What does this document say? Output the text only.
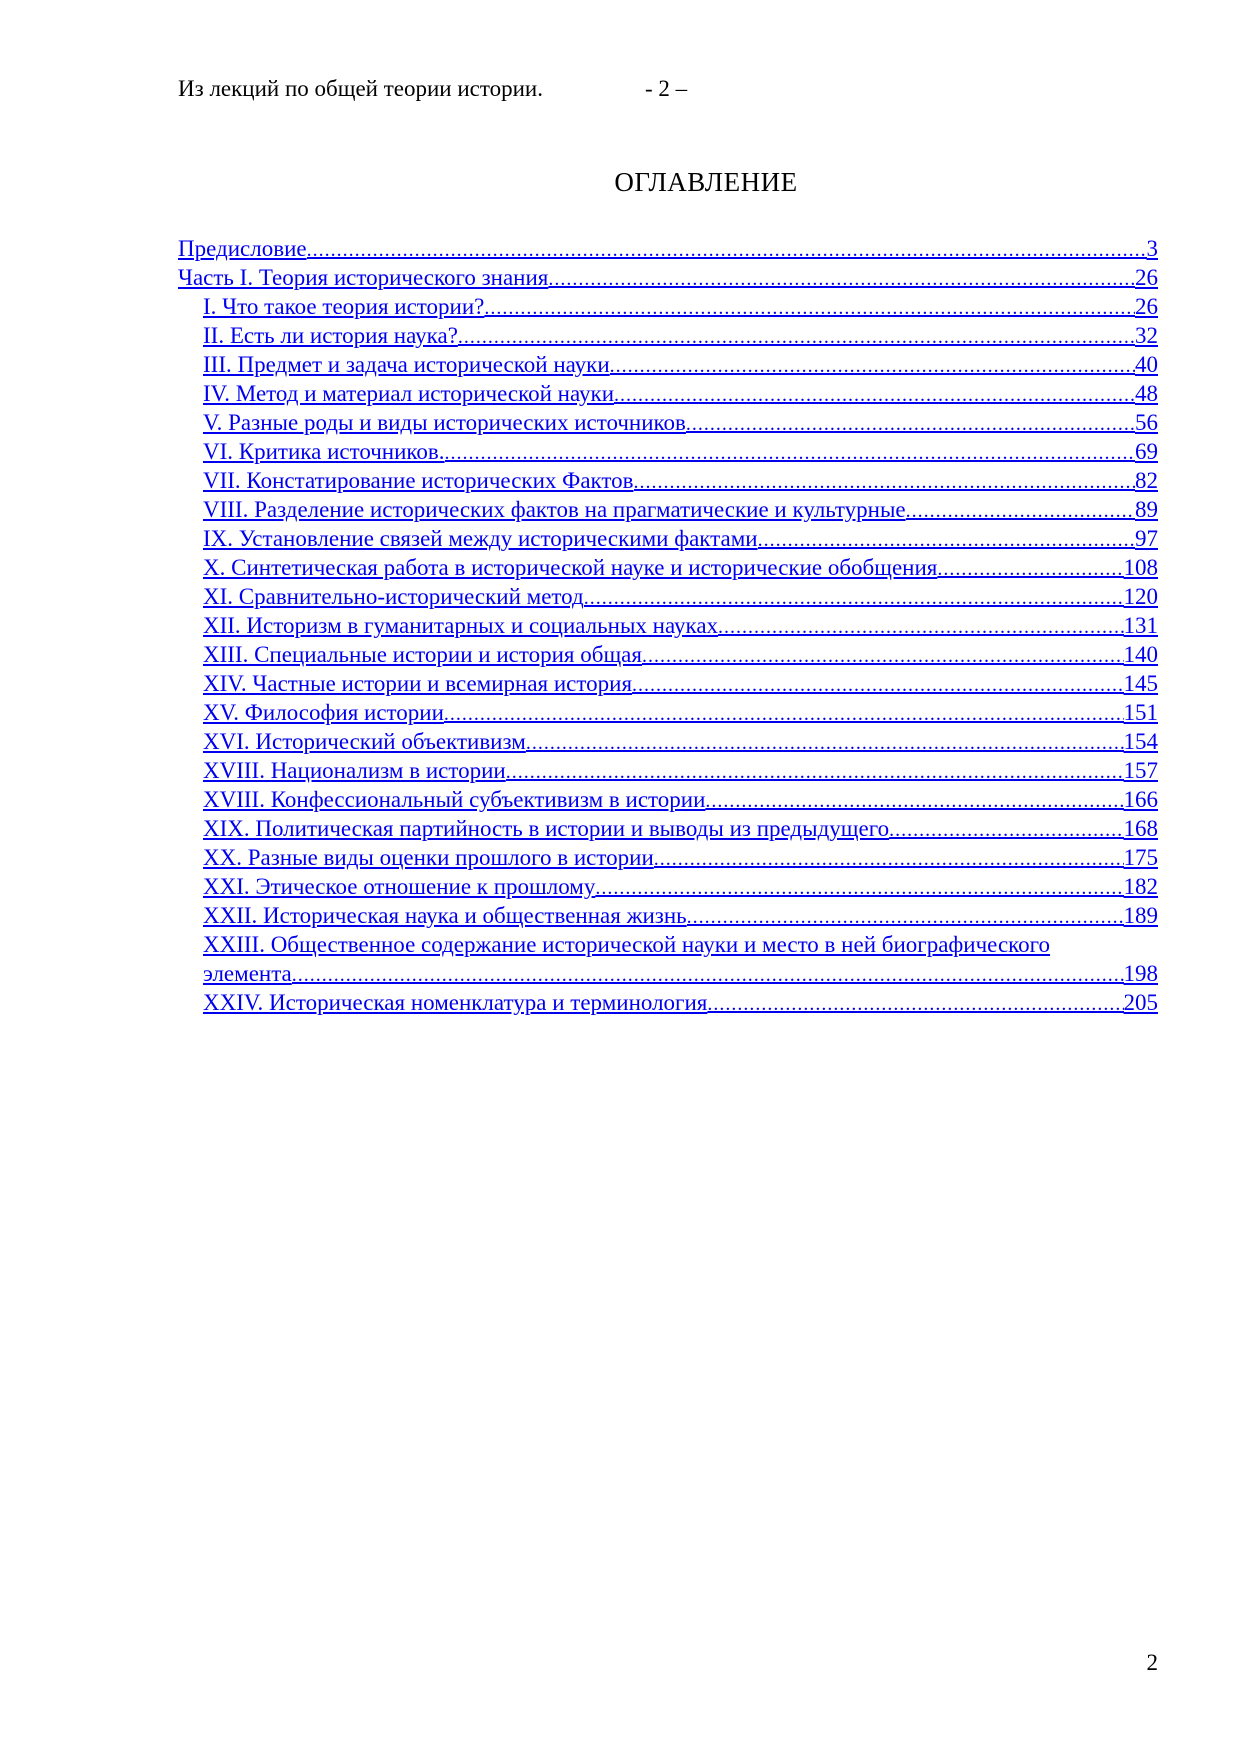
Из лекций по общей теории истории.	- 2 –
ОГЛАВЛЕНИЕ
Предисловие .....	3
Часть I. Теория исторического знания .....	26
I. Что такое теория истории? .....	26
II. Есть ли история наука? .....	32
III. Предмет и задача исторической науки .....	40
IV. Метод и материал исторической науки .....	48
V. Разные роды и виды исторических источников .....	56
VI. Критика источников. .....	69
VII. Констатирование исторических Фактов .....	82
VIII. Разделение исторических фактов на прагматические и культурные .....	89
IX. Установление связей между историческими фактами .....	97
X. Синтетическая работа в исторической науке и исторические обобщения .....	108
XI. Сравнительно-исторический метод .....	120
XII. Историзм в гуманитарных и социальных науках .....	131
XIII. Специальные истории и история общая .....	140
XIV. Частные истории и всемирная история .....	145
XV. Философия истории .....	151
XVI. Исторический объективизм .....	154
XVIII. Национализм в истории .....	157
XVIII. Конфессиональный субъективизм в истории .....	166
XIX. Политическая партийность в истории и выводы из предыдущего .....	168
XX. Разные виды оценки прошлого в истории .....	175
XXI. Этическое отношение к прошлому .....	182
XXII. Историческая наука и общественная жизнь .....	189
XXIII. Общественное содержание исторической науки и место в ней биографического
элемента .....	198
XXIV. Историческая номенклатура и терминология .....	205
2
